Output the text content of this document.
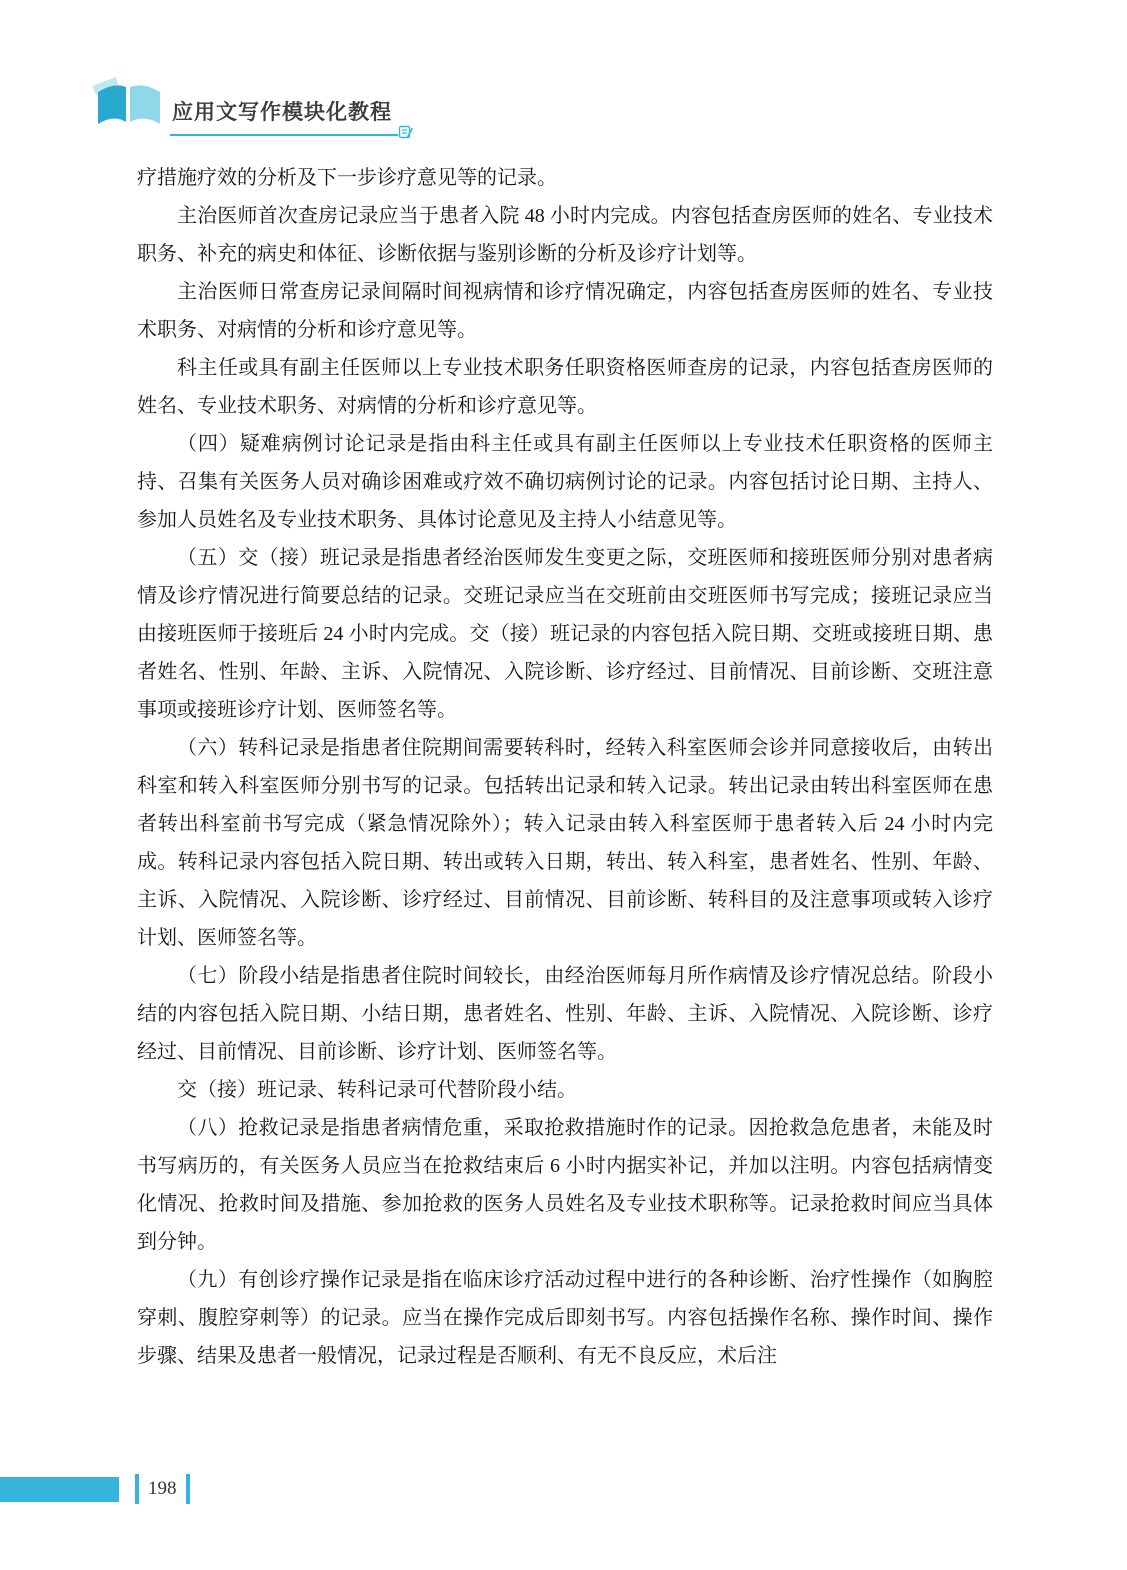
应用文写作模块化教程

疗措施疗效的分析及下一步诊疗意见等的记录。

主治医师首次查房记录应当于患者入院 48 小时内完成。内容包括查房医师的姓名、专业技术职务、补充的病史和体征、诊断依据与鉴别诊断的分析及诊疗计划等。

主治医师日常查房记录间隔时间视病情和诊疗情况确定，内容包括查房医师的姓名、专业技术职务、对病情的分析和诊疗意见等。

科主任或具有副主任医师以上专业技术职务任职资格医师查房的记录，内容包括查房医师的姓名、专业技术职务、对病情的分析和诊疗意见等。

（四）疑难病例讨论记录是指由科主任或具有副主任医师以上专业技术任职资格的医师主持、召集有关医务人员对确诊困难或疗效不确切病例讨论的记录。内容包括讨论日期、主持人、参加人员姓名及专业技术职务、具体讨论意见及主持人小结意见等。

（五）交（接）班记录是指患者经治医师发生变更之际，交班医师和接班医师分别对患者病情及诊疗情况进行简要总结的记录。交班记录应当在交班前由交班医师书写完成；接班记录应当由接班医师于接班后 24 小时内完成。交（接）班记录的内容包括入院日期、交班或接班日期、患者姓名、性别、年龄、主诉、入院情况、入院诊断、诊疗经过、目前情况、目前诊断、交班注意事项或接班诊疗计划、医师签名等。

（六）转科记录是指患者住院期间需要转科时，经转入科室医师会诊并同意接收后，由转出科室和转入科室医师分别书写的记录。包括转出记录和转入记录。转出记录由转出科室医师在患者转出科室前书写完成（紧急情况除外）；转入记录由转入科室医师于患者转入后 24 小时内完成。转科记录内容包括入院日期、转出或转入日期，转出、转入科室，患者姓名、性别、年龄、主诉、入院情况、入院诊断、诊疗经过、目前情况、目前诊断、转科目的及注意事项或转入诊疗计划、医师签名等。

（七）阶段小结是指患者住院时间较长，由经治医师每月所作病情及诊疗情况总结。阶段小结的内容包括入院日期、小结日期，患者姓名、性别、年龄、主诉、入院情况、入院诊断、诊疗经过、目前情况、目前诊断、诊疗计划、医师签名等。

交（接）班记录、转科记录可代替阶段小结。

（八）抢救记录是指患者病情危重，采取抢救措施时作的记录。因抢救急危患者，未能及时书写病历的，有关医务人员应当在抢救结束后 6 小时内据实补记，并加以注明。内容包括病情变化情况、抢救时间及措施、参加抢救的医务人员姓名及专业技术职称等。记录抢救时间应当具体到分钟。

（九）有创诊疗操作记录是指在临床诊疗活动过程中进行的各种诊断、治疗性操作（如胸腔穿刺、腹腔穿刺等）的记录。应当在操作完成后即刻书写。内容包括操作名称、操作时间、操作步骤、结果及患者一般情况，记录过程是否顺利、有无不良反应，术后注

198
